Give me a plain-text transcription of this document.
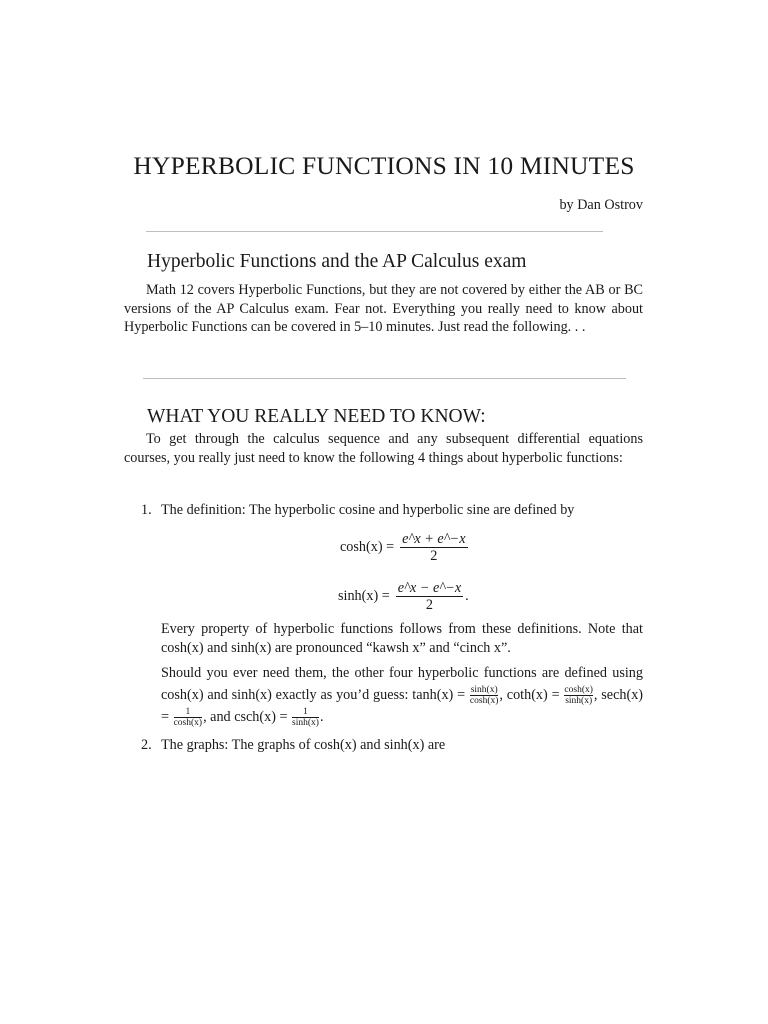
HYPERBOLIC FUNCTIONS IN 10 MINUTES
by Dan Ostrov
Hyperbolic Functions and the AP Calculus exam

Math 12 covers Hyperbolic Functions, but they are not covered by either the AB or BC versions of the AP Calculus exam. Fear not. Everything you really need to know about Hyperbolic Functions can be covered in 5–10 minutes. Just read the following. . .

WHAT YOU REALLY NEED TO KNOW:

To get through the calculus sequence and any subsequent differential equations courses, you really just need to know the following 4 things about hyperbolic functions:

1. The definition: The hyperbolic cosine and hyperbolic sine are defined by
$\cosh(x) = \frac{e\^{}x + e\^{}-x}{2}$
$\sinh(x) = \frac{e\^{}x - e\^{}-x}{2}$ .

Every property of hyperbolic functions follows from these definitions. Note that cosh(x) and sinh(x) are pronounced “kawsh x” and “cinch x”.

Should you ever need them, the other four hyperbolic functions are defined using cosh(x) and sinh(x) exactly as you’d guess: $\tanh(x) = \frac{\sinh(x)}{\cosh(x)}$ , $\cot h(x) = \frac{\cosh(x)}{\sinh(x)}$ , $\sec h(x) = \frac{1}{\cosh(x)}$ , and $\csc h(x) = \frac{1}{\sinh(x)}$ .

2. The graphs: The graphs of cosh(x) and sinh(x) are
